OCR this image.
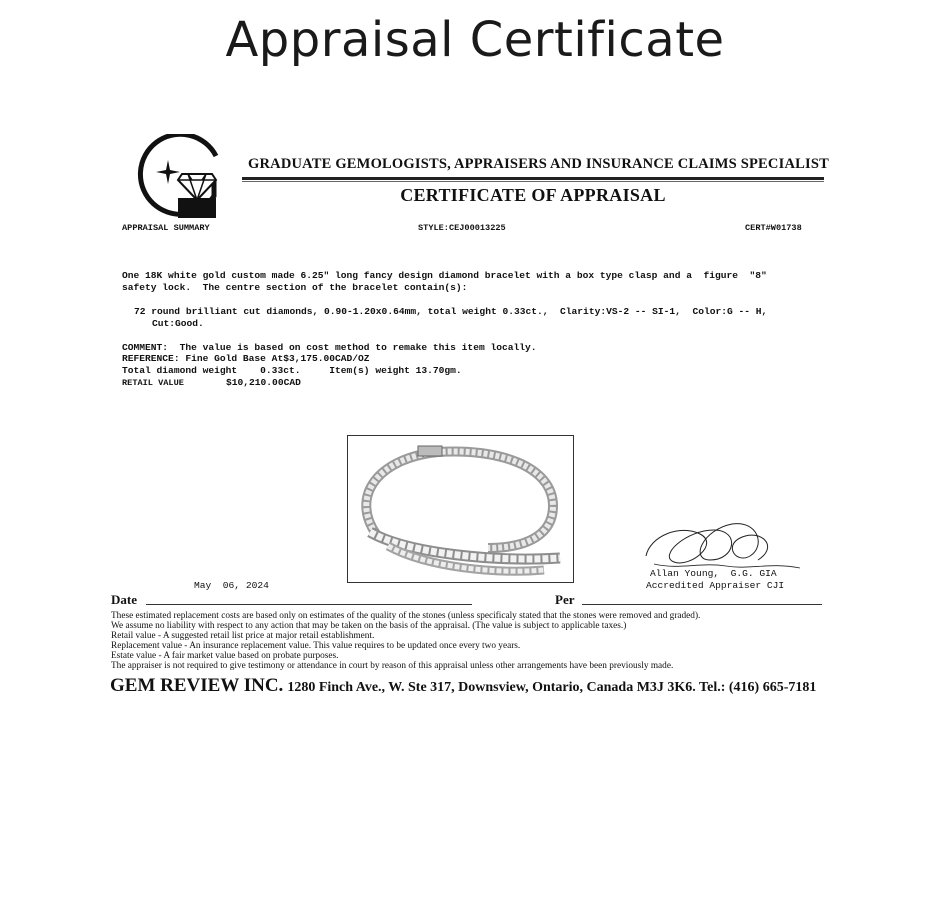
Appraisal Certificate
GRADUATE GEMOLOGISTS, APPRAISERS AND INSURANCE CLAIMS SPECIALIST
CERTIFICATE OF APPRAISAL
APPRAISAL SUMMARY	STYLE:CEJ00013225	CERT#W01738
One 18K white gold custom made 6.25" long fancy design diamond bracelet with a box type clasp and a  figure  "8"
safety lock.  The centre section of the bracelet contain(s):
72 round brilliant cut diamonds, 0.90-1.20x0.64mm, total weight 0.33ct.,  Clarity:VS-2 -- SI-1,  Color:G -- H,
Cut:Good.
COMMENT:  The value is based on cost method to remake this item locally.
REFERENCE: Fine Gold Base At$3,175.00CAD/OZ
Total diamond weight    0.33ct.     Item(s) weight 13.70gm.
RETAIL VALUE	$10,210.00CAD
May  06, 2024
Allan Young,  G.G. GIA
Accredited Appraiser CJI
Date	Per
These estimated replacement costs are based only on estimates of the quality of the stones (unless specificaly stated that the stones were removed and graded).
We assume no liability with respect to any action that may be taken on the basis of the appraisal. (The value is subject to applicable taxes.)
Retail value - A suggested retail list price at major retail establishment.
Replacement value - An insurance replacement value. This value requires to be updated once every two years.
Estate value - A fair market value based on probate purposes.
The appraiser is not required to give testimony or attendance in court by reason of this appraisal unless other arrangements have been previously made.
GEM REVIEW INC. 1280 Finch Ave., W. Ste 317, Downsview, Ontario, Canada M3J 3K6. Tel.: (416) 665-7181
